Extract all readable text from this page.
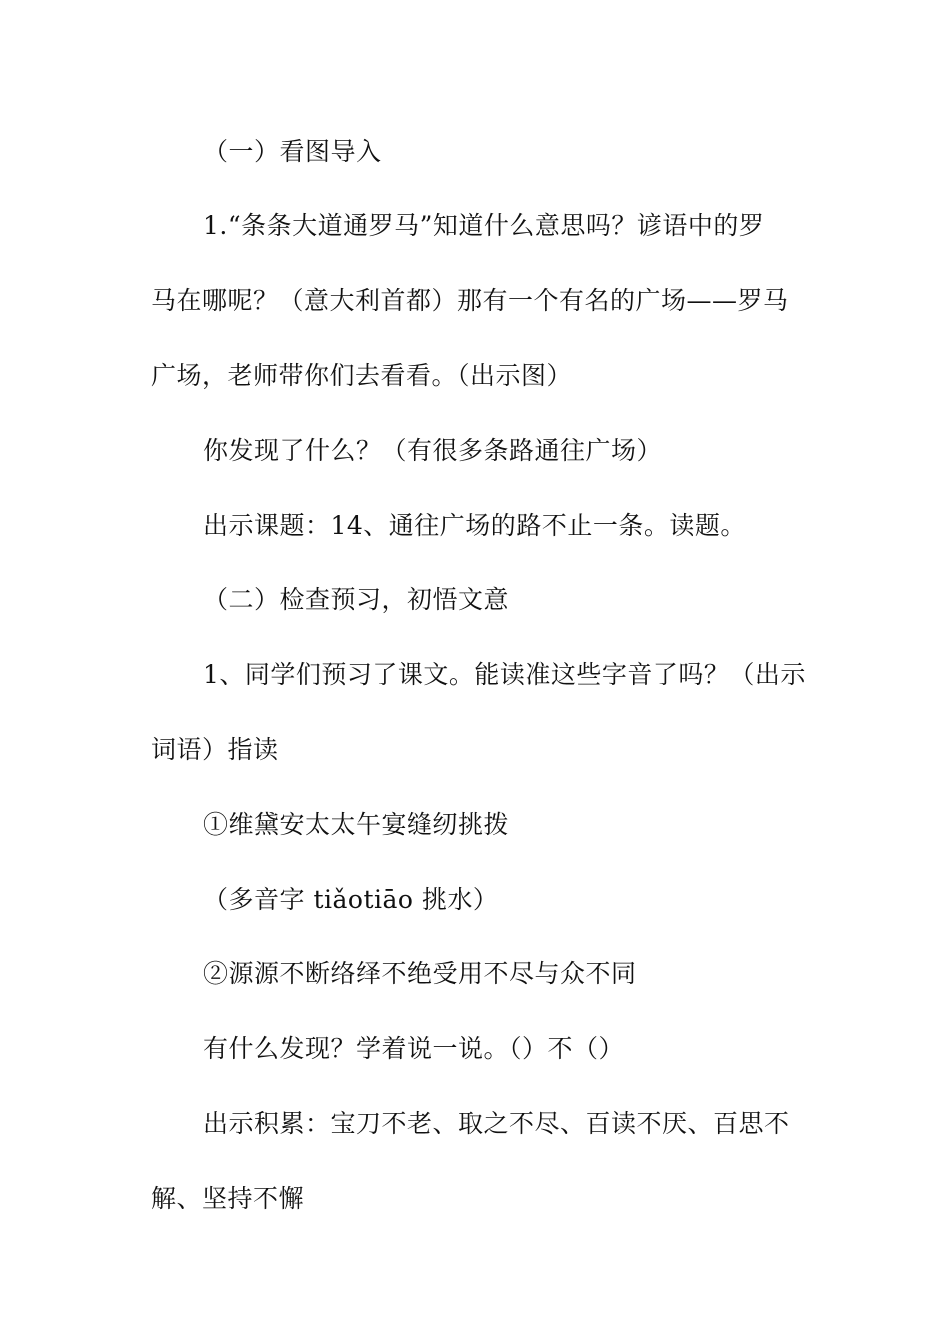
（一）看图导入
1.“条条大道通罗马”知道什么意思吗？谚语中的罗
马在哪呢？（意大利首都）那有一个有名的广场——罗马
广场，老师带你们去看看。（出示图）
你发现了什么？（有很多条路通往广场）
出示课题：14、通往广场的路不止一条。读题。
（二）检查预习，初悟文意
1、同学们预习了课文。能读准这些字音了吗？（出示
词语）指读
①维黛安太太午宴缝纫挑拨
（多音字 tiǎotiāo 挑水）
②源源不断络绎不绝受用不尽与众不同
有什么发现？学着说一说。（）不（）
出示积累：宝刀不老、取之不尽、百读不厌、百思不
解、坚持不懈
